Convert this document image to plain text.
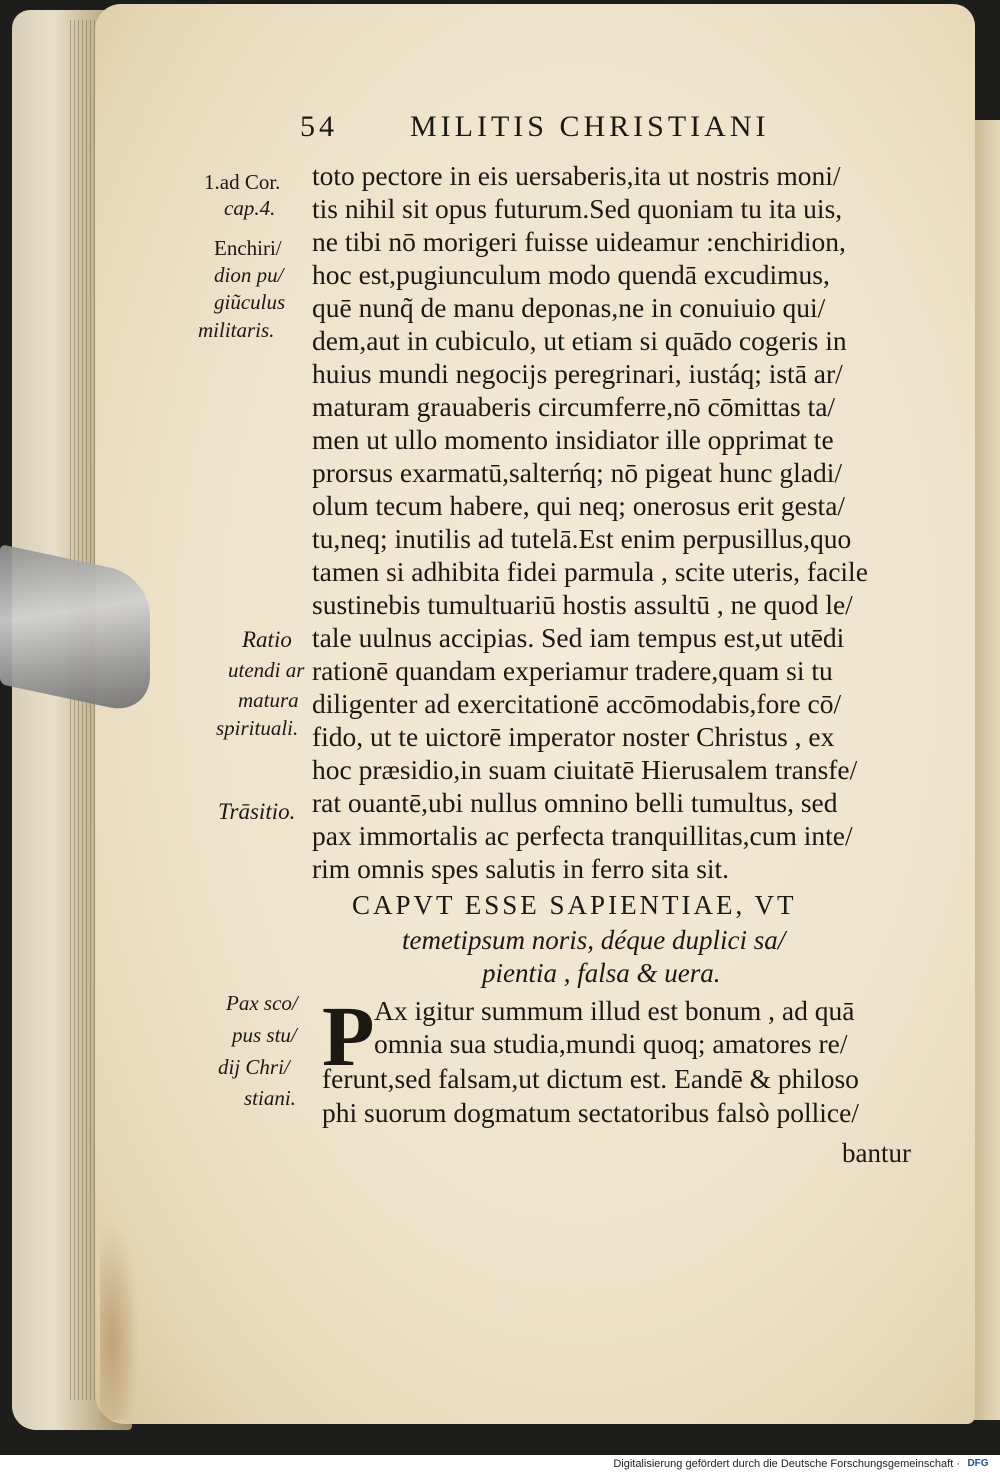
54 MILITIS CHRISTIANI
toto pectore in eis uersaberis,ita ut nostris moni/
tis nihil sit opus futurum.Sed quoniam tu ita uis,
ne tibi nō morigeri fuisse uideamur :enchiridion,
hoc est,pugiunculum modo quendā excudimus,
quē nunq̃ de manu deponas,ne in conuiuio qui/
dem,aut in cubiculo, ut etiam si quādo cogeris in
huius mundi negocijs peregrinari, iustáq; istā ar/
maturam grauaberis circumferre,nō cōmittas ta/
men ut ullo momento insidiator ille opprimat te
prorsus exarmatū,salterńq; nō pigeat hunc gladi/
olum tecum habere, qui neq; onerosus erit gesta/
tu,neq; inutilis ad tutelā.Est enim perpusillus,quo
tamen si adhibita fidei parmula , scite uteris, facile
sustinebis tumultuariū hostis assultū , ne quod le/
tale uulnus accipias. Sed iam tempus est,ut utēdi
rationē quandam experiamur tradere,quam si tu
diligenter ad exercitationē accōmodabis,fore cō/
fido, ut te uictorē imperator noster Christus , ex
hoc præsidio,in suam ciuitatē Hierusalem transfe/
rat ouantē,ubi nullus omnino belli tumultus, sed
pax immortalis ac perfecta tranquillitas,cum inte/
rim omnis spes salutis in ferro sita sit.
CAPVT ESSE SAPIENTIAE, VT
temetipsum noris, déque duplici sa/
pientia , falsa & uera.
P Ax igitur summum illud est bonum , ad quā
omnia sua studia,mundi quoq; amatores re/
ferunt,sed falsam,ut dictum est. Eandē & philoso
phi suorum dogmatum sectatoribus falsò pollice/
bantur
1.ad Cor.
cap.4.
Enchiri/
dion pu/
giũculus
militaris.
Ratio
utendi ar
matura
spirituali.
Trāsitio.
Pax sco/
pus stu/
dij Chri/
stiani.
Digitalisierung gefördert durch die Deutsche Forschungsgemeinschaft · DFG
